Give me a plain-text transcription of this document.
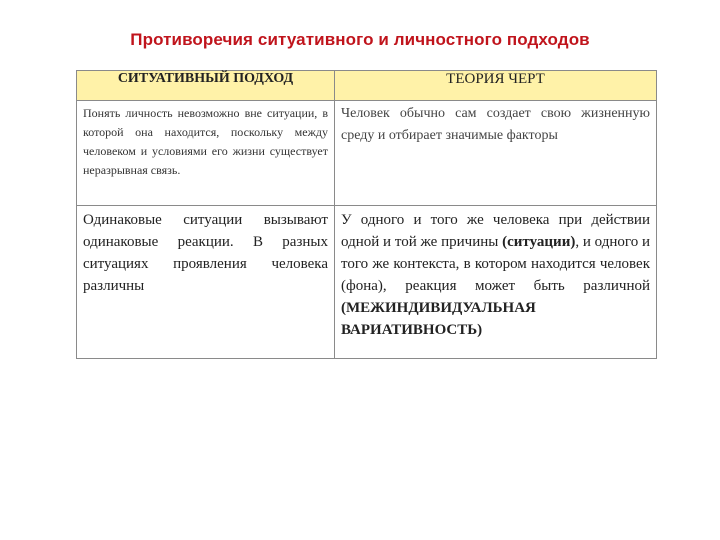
Противоречия ситуативного и личностного подходов
СИТУАТИВНЫЙ ПОДХОД	ТЕОРИЯ ЧЕРТ

Понять личность невозможно вне ситуации, в которой она находится, поскольку между человеком и условиями его жизни существует неразрывная связь.	Человек обычно сам создает свою жизненную среду и отбирает значимые факторы

Одинаковые ситуации вызывают одинаковые реакции. В разных ситуациях проявления человека различны	У одного и того же человека при действии одной и той же причины (ситуации), и одного и того же контекста, в котором находится человек (фона), реакция может быть различной (МЕЖИНДИВИДУАЛЬНАЯ ВАРИАТИВНОСТЬ)
